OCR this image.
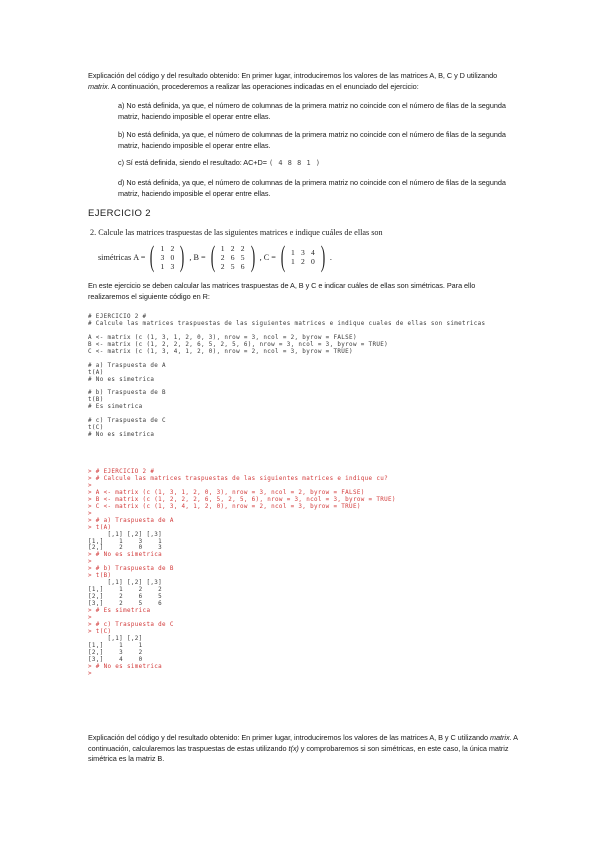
Explicación del código y del resultado obtenido: En primer lugar, introduciremos los valores de las matrices A, B, C y D utilizando matrix. A continuación, procederemos a realizar las operaciones indicadas en el enunciado del ejercicio:

a) No está definida, ya que, el número de columnas de la primera matriz no coincide con el número de filas de la segunda matriz, haciendo imposible el operar entre ellas.

b) No está definida, ya que, el número de columnas de la primera matriz no coincide con el número de filas de la segunda matriz, haciendo imposible el operar entre ellas.

c) Sí está definida, siendo el resultado: AC+D= ( 4 8 8 1 )

d) No está definida, ya que, el número de columnas de la primera matriz no coincide con el número de filas de la segunda matriz, haciendo imposible el operar entre ellas.

EJERCICIO 2
2. Calcule las matrices traspuestas de las siguientes matrices e indique cuáles de ellas son
simétricas
A = ( 1 2
3 0
1 3 ) , B = ( 1 2 2
2 6 5
2 5 6 ) , C = ( 1 3 4
1 2 0 ) .

En este ejercicio se deben calcular las matrices traspuestas de A, B y C e indicar cuáles de ellas son simétricas. Para ello realizaremos el siguiente código en R:

# EJERCICIO 2 #
# Calcule las matrices traspuestas de las siguientes matrices e indique cuales de ellas son simetricas

A <- matrix (c (1, 3, 1, 2, 0, 3), nrow = 3, ncol = 2, byrow = FALSE)
B <- matrix (c (1, 2, 2, 2, 6, 5, 2, 5, 6), nrow = 3, ncol = 3, byrow = TRUE)
C <- matrix (c (1, 3, 4, 1, 2, 0), nrow = 2, ncol = 3, byrow = TRUE)

# a) Traspuesta de A
t(A)
# No es simetrica

# b) Traspuesta de B
t(B)
# Es simetrica

# c) Traspuesta de C
t(C)
# No es simetrica
> # EJERCICIO 2 #
> # Calcule las matrices traspuestas de las siguientes matrices e indique cu?
>
> A <- matrix (c (1, 3, 1, 2, 0, 3), nrow = 3, ncol = 2, byrow = FALSE)
> B <- matrix (c (1, 2, 2, 2, 6, 5, 2, 5, 6), nrow = 3, ncol = 3, byrow = TRUE)
> C <- matrix (c (1, 3, 4, 1, 2, 0), nrow = 2, ncol = 3, byrow = TRUE)
>
> # a) Traspuesta de A
> t(A)
[,1] [,2] [,3]
[1,]    1    3    1
[2,]    2    0    3
> # No es simetrica
>
> # b) Traspuesta de B
> t(B)
[,1] [,2] [,3]
[1,]    1    2    2
[2,]    2    6    5
[3,]    2    5    6
> # Es simetrica
>
> # c) Traspuesta de C
> t(C)
[,1] [,2]
[1,]    1    1
[2,]    3    2
[3,]    4    0
> # No es simetrica
>

Explicación del código y del resultado obtenido: En primer lugar, introduciremos los valores de las matrices A, B y C utilizando matrix. A continuación, calcularemos las traspuestas de estas utilizando t(x) y comprobaremos si son simétricas, en este caso, la única matriz simétrica es la matriz B.
